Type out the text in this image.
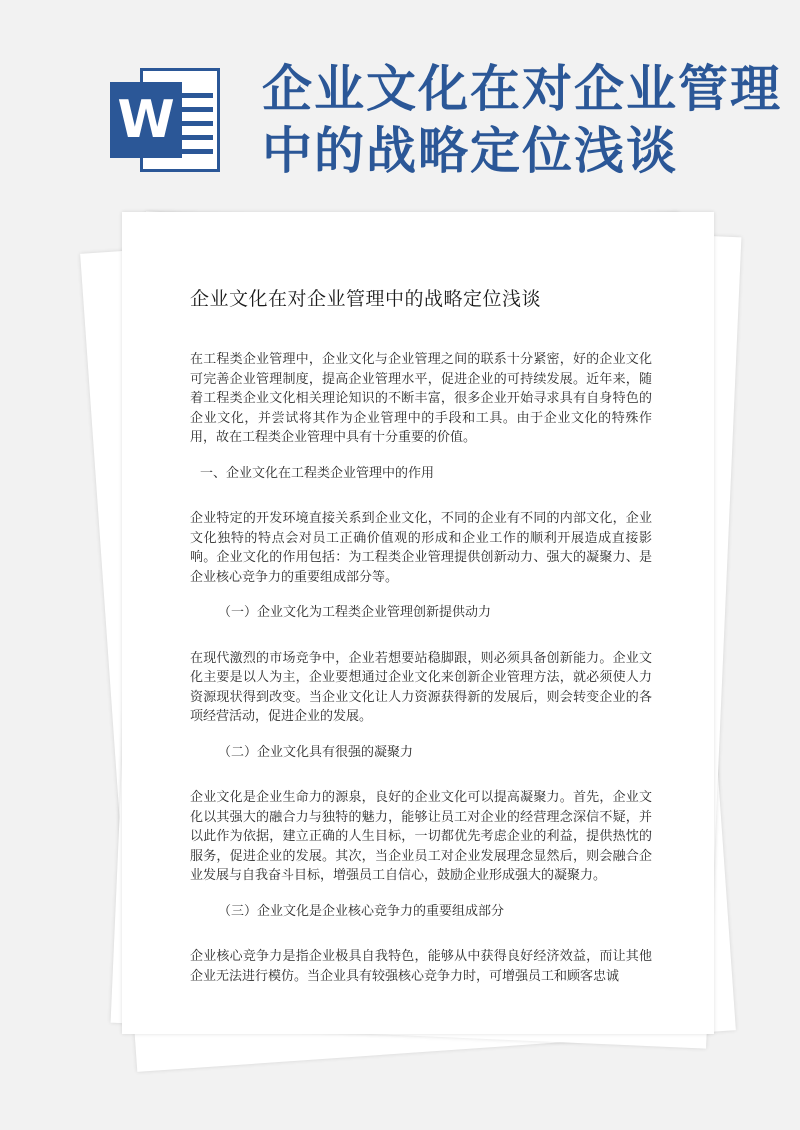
W
企业文化在对企业管理中的战略定位浅谈
企业文化在对企业管理中的战略定位浅谈

在工程类企业管理中，企业文化与企业管理之间的联系十分紧密，好的企业文化可完善企业管理制度，提高企业管理水平，促进企业的可持续发展。近年来，随着工程类企业文化相关理论知识的不断丰富，很多企业开始寻求具有自身特色的企业文化，并尝试将其作为企业管理中的手段和工具。由于企业文化的特殊作用，故在工程类企业管理中具有十分重要的价值。

一、企业文化在工程类企业管理中的作用

企业特定的开发环境直接关系到企业文化，不同的企业有不同的内部文化，企业文化独特的特点会对员工正确价值观的形成和企业工作的顺利开展造成直接影响。企业文化的作用包括：为工程类企业管理提供创新动力、强大的凝聚力、是企业核心竞争力的重要组成部分等。

（一）企业文化为工程类企业管理创新提供动力

在现代激烈的市场竞争中，企业若想要站稳脚跟，则必须具备创新能力。企业文化主要是以人为主，企业要想通过企业文化来创新企业管理方法，就必须使人力资源现状得到改变。当企业文化让人力资源获得新的发展后，则会转变企业的各项经营活动，促进企业的发展。

（二）企业文化具有很强的凝聚力

企业文化是企业生命力的源泉，良好的企业文化可以提高凝聚力。首先，企业文化以其强大的融合力与独特的魅力，能够让员工对企业的经营理念深信不疑，并以此作为依据，建立正确的人生目标，一切都优先考虑企业的利益，提供热忱的服务，促进企业的发展。其次，当企业员工对企业发展理念显然后，则会融合企业发展与自我奋斗目标，增强员工自信心，鼓励企业形成强大的凝聚力。

（三）企业文化是企业核心竞争力的重要组成部分

企业核心竞争力是指企业极具自我特色，能够从中获得良好经济效益，而让其他企业无法进行模仿。当企业具有较强核心竞争力时，可增强员工和顾客忠诚
